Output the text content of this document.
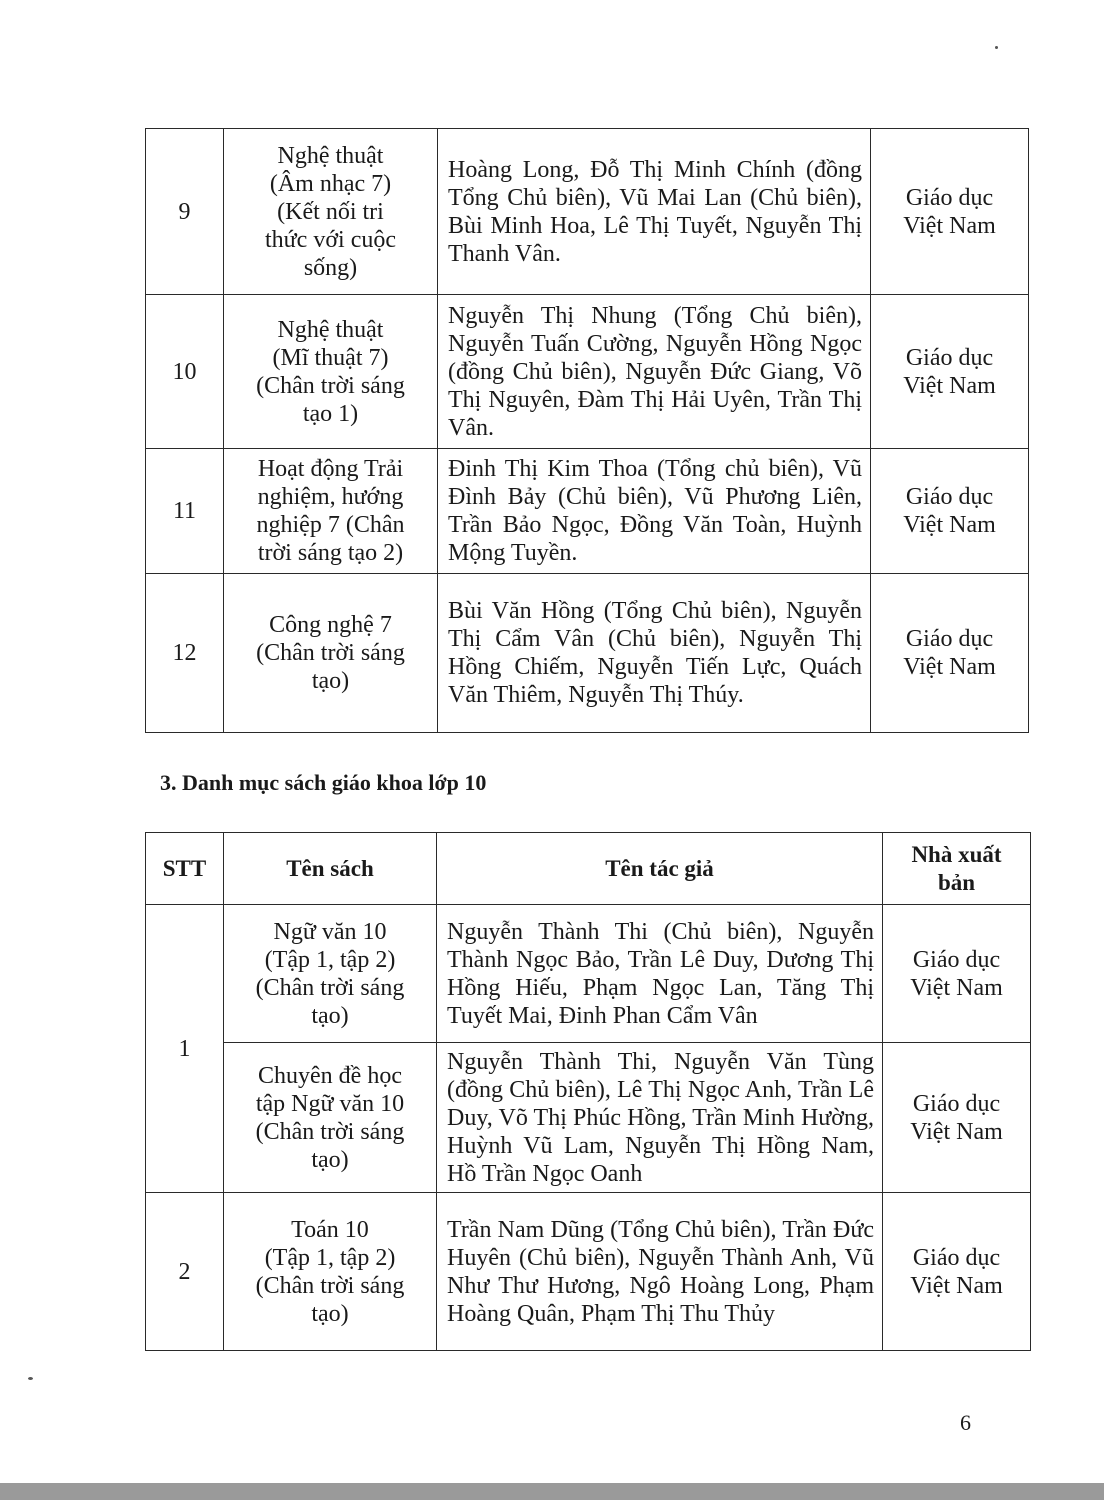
9	Nghệ thuật
(Âm nhạc 7)
(Kết nối tri
thức với cuộc
sống)	Hoàng Long, Đỗ Thị Minh Chính (đồng Tổng Chủ biên), Vũ Mai Lan (Chủ biên), Bùi Minh Hoa, Lê Thị Tuyết, Nguyễn Thị Thanh Vân.	Giáo dục
Việt Nam

10	Nghệ thuật
(Mĩ thuật 7)
(Chân trời sáng
tạo 1)	Nguyễn Thị Nhung (Tổng Chủ biên), Nguyễn Tuấn Cường, Nguyễn Hồng Ngọc (đồng Chủ biên), Nguyễn Đức Giang, Võ Thị Nguyên, Đàm Thị Hải Uyên, Trần Thị Vân.	Giáo dục
Việt Nam

11	Hoạt động Trải
nghiệm, hướng
nghiệp 7 (Chân
trời sáng tạo 2)	Đinh Thị Kim Thoa (Tổng chủ biên), Vũ Đình Bảy (Chủ biên), Vũ Phương Liên, Trần Bảo Ngọc, Đồng Văn Toàn, Huỳnh Mộng Tuyền.	Giáo dục
Việt Nam

12	Công nghệ 7
(Chân trời sáng
tạo)	Bùi Văn Hồng (Tổng Chủ biên), Nguyễn Thị Cẩm Vân (Chủ biên), Nguyễn Thị Hồng Chiếm, Nguyễn Tiến Lực, Quách Văn Thiêm, Nguyễn Thị Thúy.	Giáo dục
Việt Nam
3. Danh mục sách giáo khoa lớp 10
STT	Tên sách	Tên tác giả	Nhà xuất
bản

1	Ngữ văn 10
(Tập 1, tập 2)
(Chân trời sáng
tạo)	Nguyễn Thành Thi (Chủ biên), Nguyễn Thành Ngọc Bảo, Trần Lê Duy, Dương Thị Hồng Hiếu, Phạm Ngọc Lan, Tăng Thị Tuyết Mai, Đinh Phan Cẩm Vân	Giáo dục
Việt Nam

	Chuyên đề học
tập Ngữ văn 10
(Chân trời sáng
tạo)	Nguyễn Thành Thi, Nguyễn Văn Tùng (đồng Chủ biên), Lê Thị Ngọc Anh, Trần Lê Duy, Võ Thị Phúc Hồng, Trần Minh Hường, Huỳnh Vũ Lam, Nguyễn Thị Hồng Nam, Hồ Trần Ngọc Oanh	Giáo dục
Việt Nam

2	Toán 10
(Tập 1, tập 2)
(Chân trời sáng
tạo)	Trần Nam Dũng (Tổng Chủ biên), Trần Đức Huyên (Chủ biên), Nguyễn Thành Anh, Vũ Như Thư Hương, Ngô Hoàng Long, Phạm Hoàng Quân, Phạm Thị Thu Thủy	Giáo dục
Việt Nam
6
